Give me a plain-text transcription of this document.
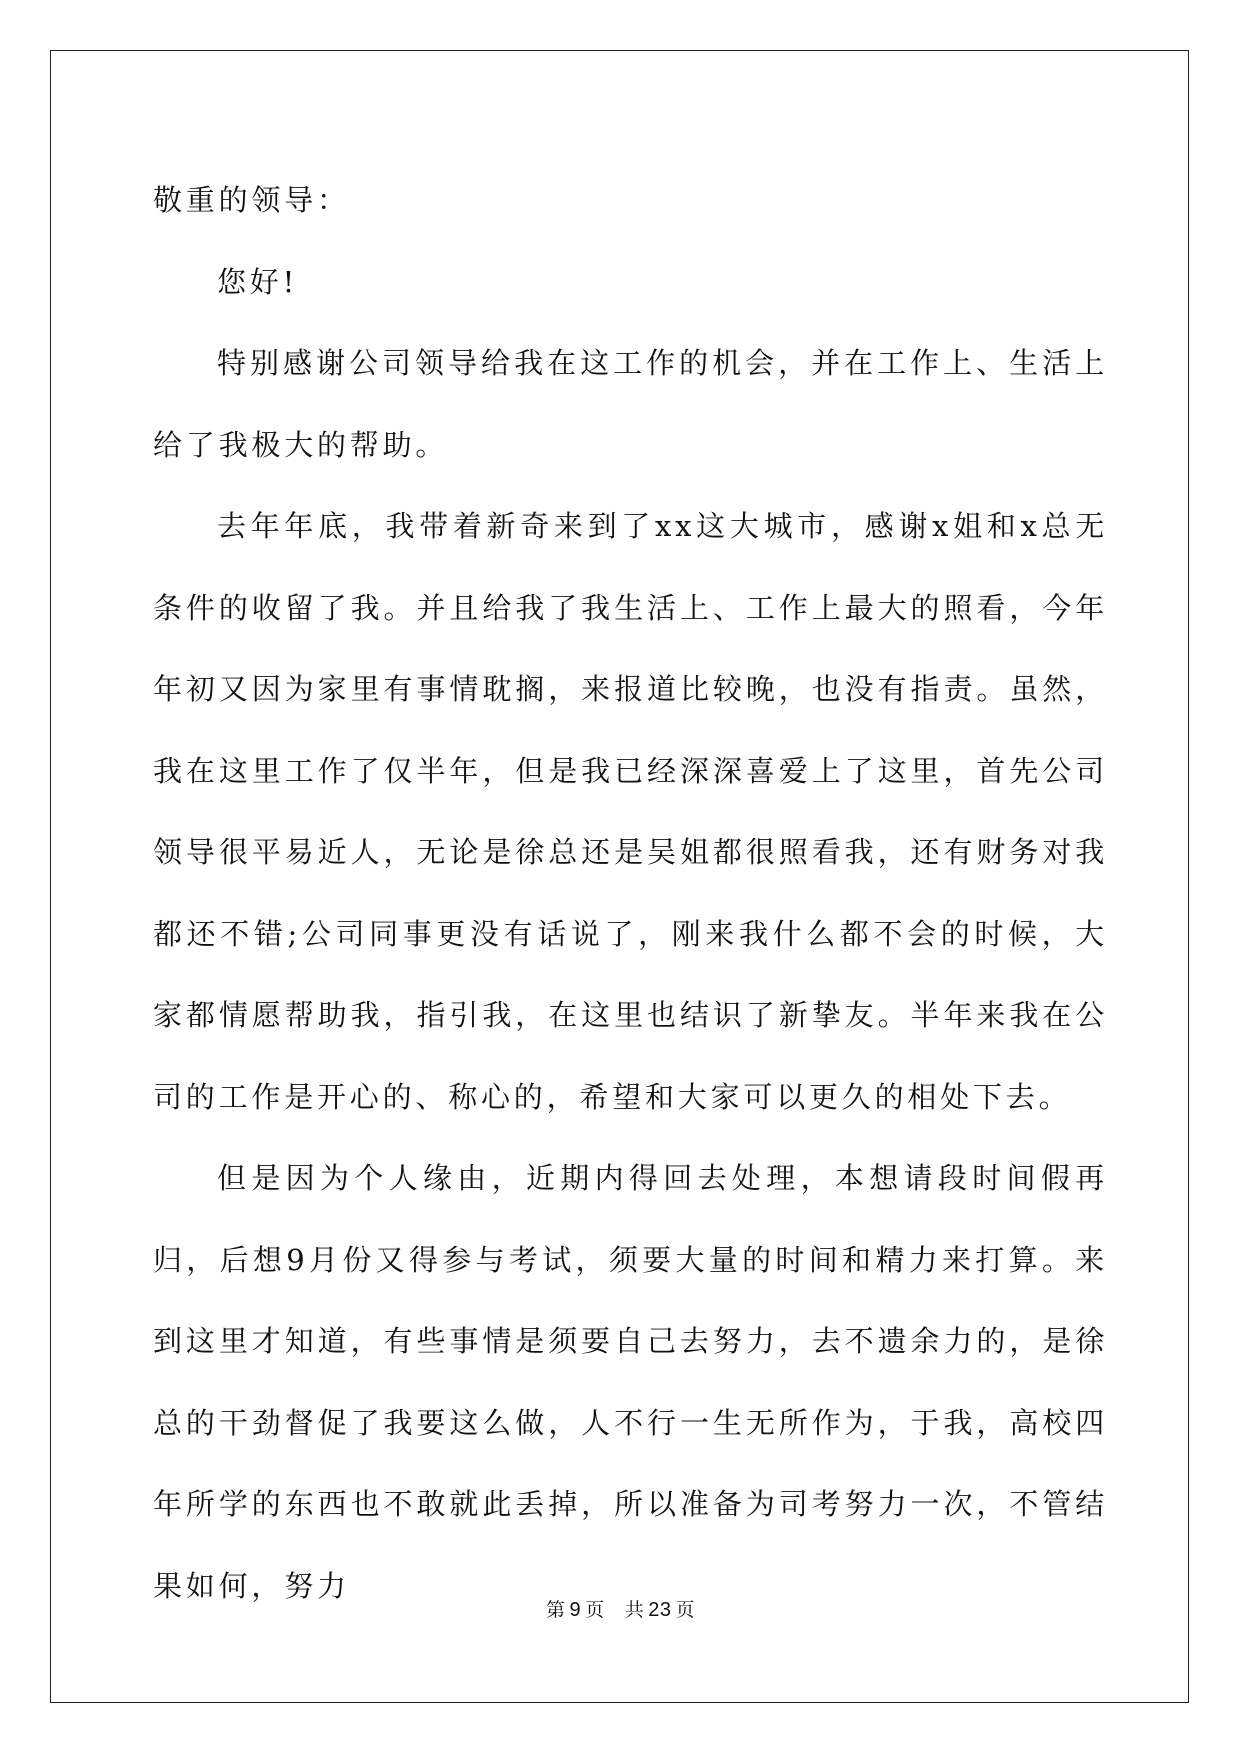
敬重的领导：

您好!

特别感谢公司领导给我在这工作的机会，并在工作上、生活上给了我极大的帮助。

去年年底，我带着新奇来到了xx这大城市，感谢x姐和x总无条件的收留了我。并且给我了我生活上、工作上最大的照看，今年年初又因为家里有事情耽搁，来报道比较晚，也没有指责。虽然，我在这里工作了仅半年，但是我已经深深喜爱上了这里，首先公司领导很平易近人，无论是徐总还是吴姐都很照看我，还有财务对我都还不错;公司同事更没有话说了，刚来我什么都不会的时候，大家都情愿帮助我，指引我，在这里也结识了新挚友。半年来我在公司的工作是开心的、称心的，希望和大家可以更久的相处下去。

但是因为个人缘由，近期内得回去处理，本想请段时间假再归，后想9月份又得参与考试，须要大量的时间和精力来打算。来到这里才知道，有些事情是须要自己去努力，去不遗余力的，是徐总的干劲督促了我要这么做，人不行一生无所作为，于我，高校四年所学的东西也不敢就此丢掉，所以准备为司考努力一次，不管结果如何，努力

第 9 页 共 23 页
